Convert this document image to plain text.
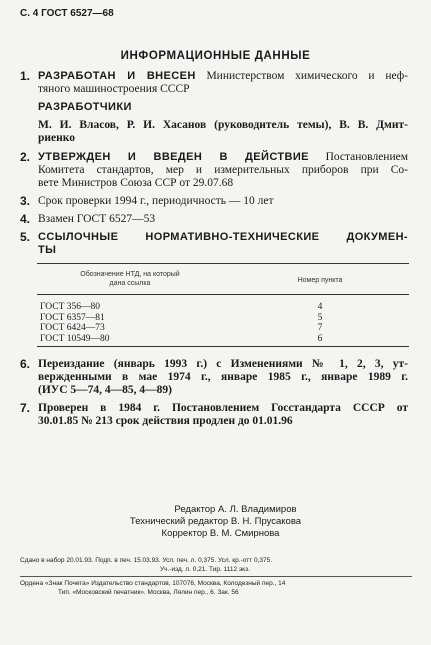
С. 4 ГОСТ 6527—68
ИНФОРМАЦИОННЫЕ ДАННЫЕ
1. РАЗРАБОТАН И ВНЕСЕН Министерством химического и неф-
тяного машиностроения СССР
РАЗРАБОТЧИКИ
М. И. Власов, Р. И. Хасанов (руководитель темы), В. В. Дмит-
риенко
2. УТВЕРЖДЕН И ВВЕДЕН В ДЕЙСТВИЕ Постановлением
Комитета стандартов, мер и измерительных приборов при Со-
вете Министров Союза ССР от 29.07.68
3. Срок проверки 1994 г., периодичность — 10 лет
4. Взамен ГОСТ 6527—53
5. ССЫЛОЧНЫЕ НОРМАТИВНО-ТЕХНИЧЕСКИЕ ДОКУМЕН-
ТЫ
Обозначение НТД, на который
дана ссылка	Номер пункта
ГОСТ 356—80	4
ГОСТ 6357—81	5
ГОСТ 6424—73	7
ГОСТ 10549—80	6
6. Переиздание (январь 1993 г.) с Изменениями № 1, 2, 3, ут-
вержденными в мае 1974 г., январе 1985 г., январе 1989 г.
(ИУС 5—74, 4—85, 4—89)
7. Проверен в 1984 г. Постановлением Госстандарта СССР от
30.01.85 № 213 срок действия продлен до 01.01.96
Редактор А. Л. Владимиров
Технический редактор В. Н. Прусакова
Корректор В. М. Смирнова
Сдано в набор 20.01.93. Подп. в печ. 15.03.93. Усл. печ. л. 0,375. Усл. кр.-отт 0,375.
Уч.-изд. л. 0,21. Тир. 1112 экз.
Ордена «Знак Почета» Издательство стандартов, 107076, Москва, Колодезный пер., 14
Тип. «Московский печатник». Москва, Лялин пер., 6. Зак. 56
